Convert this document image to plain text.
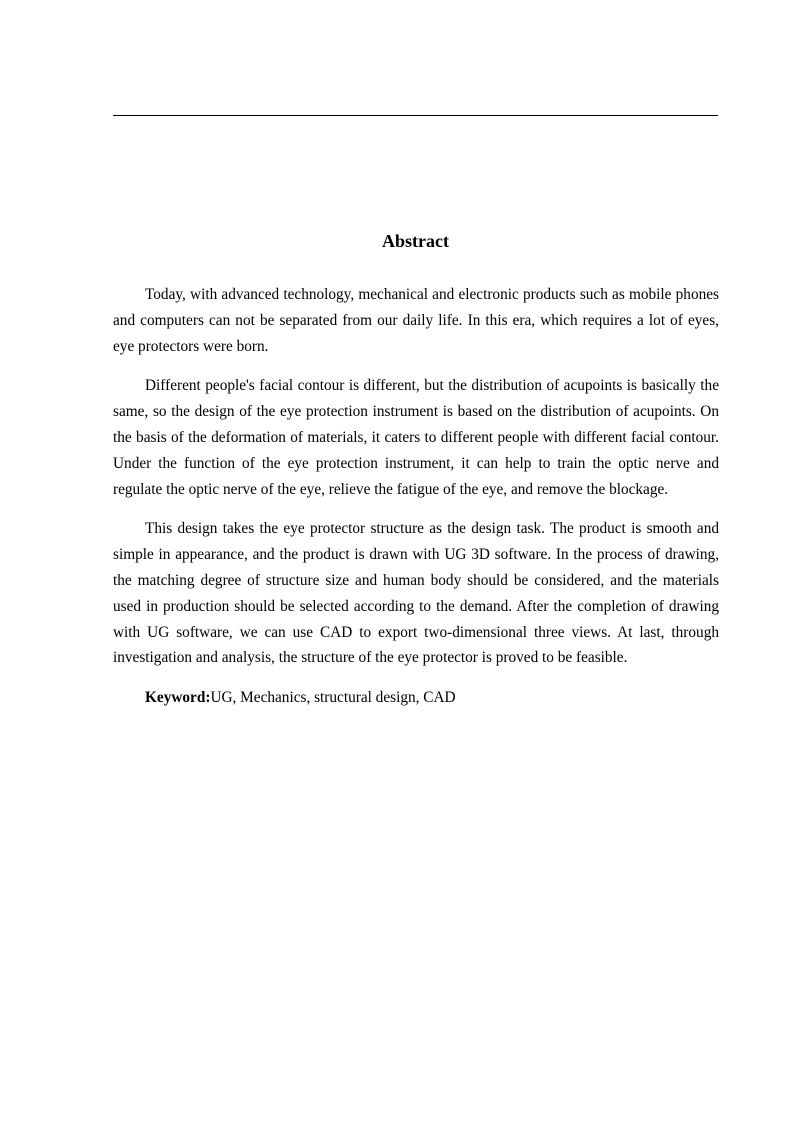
Abstract

Today, with advanced technology, mechanical and electronic products such as mobile phones and computers can not be separated from our daily life. In this era, which requires a lot of eyes, eye protectors were born.

Different people's facial contour is different, but the distribution of acupoints is basically the same, so the design of the eye protection instrument is based on the distribution of acupoints. On the basis of the deformation of materials, it caters to different people with different facial contour. Under the function of the eye protection instrument, it can help to train the optic nerve and regulate the optic nerve of the eye, relieve the fatigue of the eye, and remove the blockage.

This design takes the eye protector structure as the design task. The product is smooth and simple in appearance, and the product is drawn with UG 3D software. In the process of drawing, the matching degree of structure size and human body should be considered, and the materials used in production should be selected according to the demand. After the completion of drawing with UG software, we can use CAD to export two-dimensional three views. At last, through investigation and analysis, the structure of the eye protector is proved to be feasible.

Keyword:UG, Mechanics, structural design, CAD
